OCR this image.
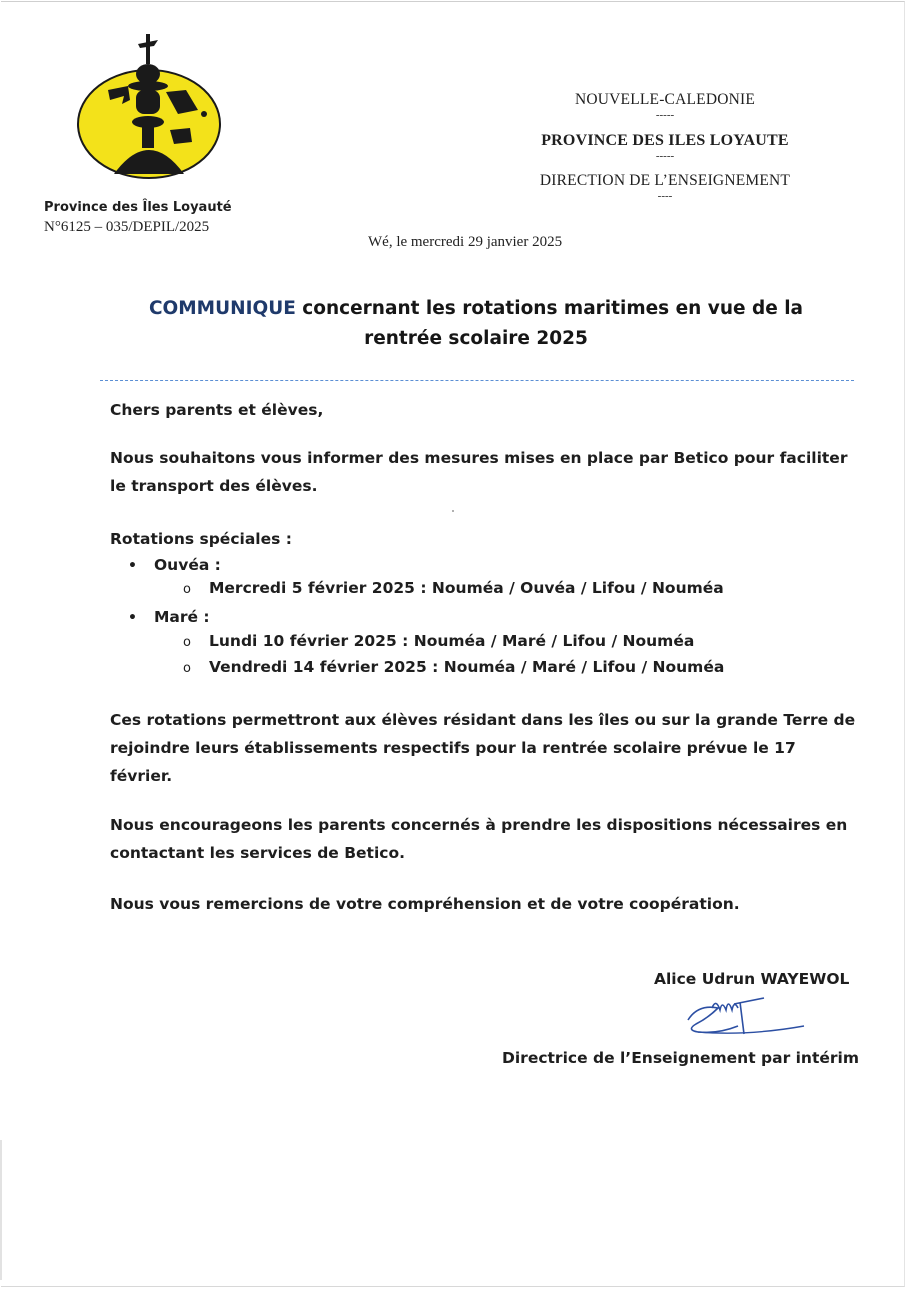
Province des Îles Loyauté
N°6125 – 035/DEPIL/2025
NOUVELLE-CALEDONIE
-----
PROVINCE DES ILES LOYAUTE
-----
DIRECTION DE L’ENSEIGNEMENT
----
Wé, le mercredi 29 janvier 2025
COMMUNIQUE concernant les rotations maritimes en vue de la
rentrée scolaire 2025
Chers parents et élèves,
Nous souhaitons vous informer des mesures mises en place par Betico pour faciliter
le transport des élèves.
Rotations spéciales :
• Ouvéa :
o Mercredi 5 février 2025 : Nouméa / Ouvéa / Lifou / Nouméa
• Maré :
o Lundi 10 février 2025 : Nouméa / Maré / Lifou / Nouméa
o Vendredi 14 février 2025 : Nouméa / Maré / Lifou / Nouméa
Ces rotations permettront aux élèves résidant dans les îles ou sur la grande Terre de
rejoindre leurs établissements respectifs pour la rentrée scolaire prévue le 17
février.
Nous encourageons les parents concernés à prendre les dispositions nécessaires en
contactant les services de Betico.
Nous vous remercions de votre compréhension et de votre coopération.
Alice Udrun WAYEWOL
Directrice de l’Enseignement par intérim
